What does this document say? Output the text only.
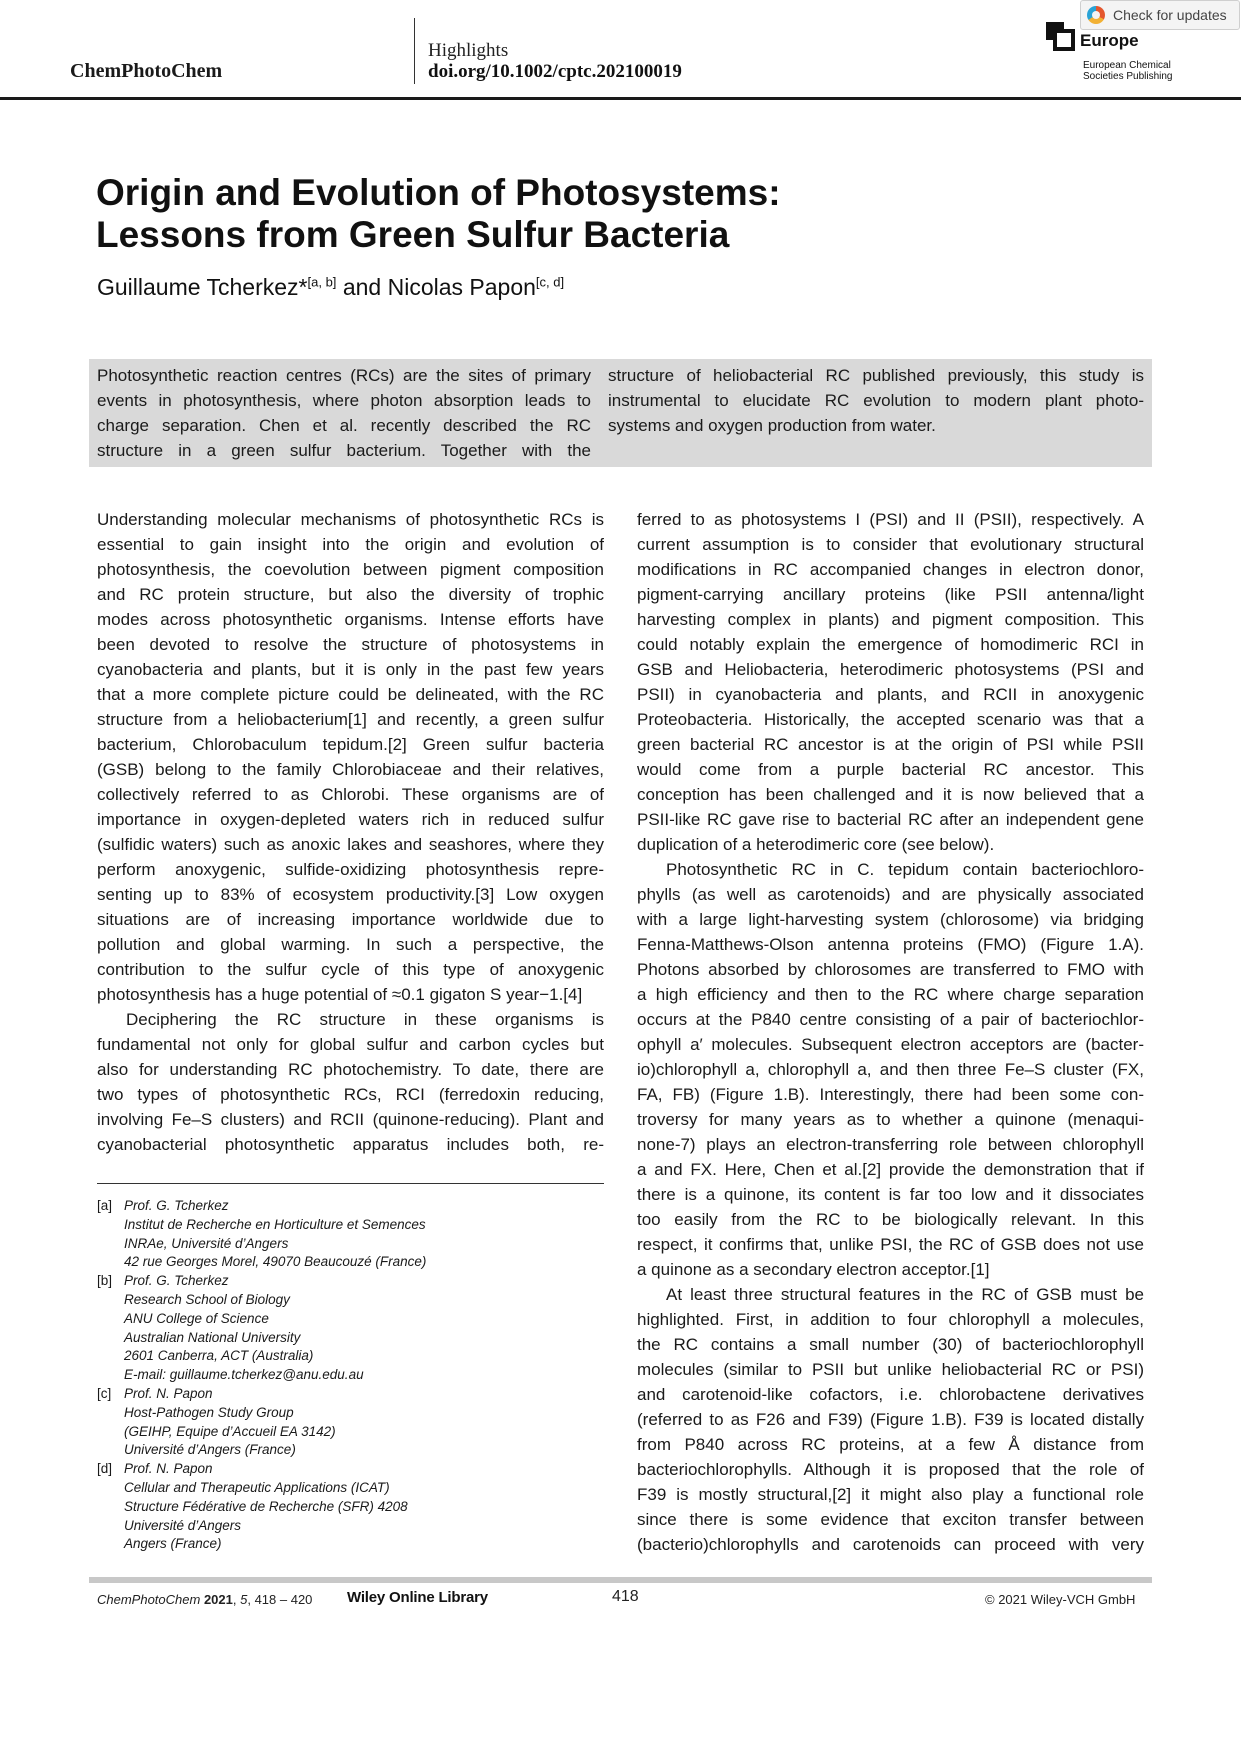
ChemPhotoChem
Highlights
doi.org/10.1002/cptc.202100019
Europe
European Chemical
Societies Publishing
Check for updates
Origin and Evolution of Photosystems:
Lessons from Green Sulfur Bacteria
Guillaume Tcherkez*[a, b] and Nicolas Papon[c, d]
Photosynthetic reaction centres (RCs) are the sites of primary
events in photosynthesis, where photon absorption leads to
charge separation. Chen et al. recently described the RC
structure in a green sulfur bacterium. Together with the
structure of heliobacterial RC published previously, this study is
instrumental to elucidate RC evolution to modern plant photo-
systems and oxygen production from water.
Understanding molecular mechanisms of photosynthetic RCs is
essential to gain insight into the origin and evolution of
photosynthesis, the coevolution between pigment composition
and RC protein structure, but also the diversity of trophic
modes across photosynthetic organisms. Intense efforts have
been devoted to resolve the structure of photosystems in
cyanobacteria and plants, but it is only in the past few years
that a more complete picture could be delineated, with the RC
structure from a heliobacterium[1] and recently, a green sulfur
bacterium, Chlorobaculum tepidum.[2] Green sulfur bacteria
(GSB) belong to the family Chlorobiaceae and their relatives,
collectively referred to as Chlorobi. These organisms are of
importance in oxygen-depleted waters rich in reduced sulfur
(sulfidic waters) such as anoxic lakes and seashores, where they
perform anoxygenic, sulfide-oxidizing photosynthesis repre-
senting up to 83% of ecosystem productivity.[3] Low oxygen
situations are of increasing importance worldwide due to
pollution and global warming. In such a perspective, the
contribution to the sulfur cycle of this type of anoxygenic
photosynthesis has a huge potential of ≈0.1 gigaton S year−1.[4]
Deciphering the RC structure in these organisms is
fundamental not only for global sulfur and carbon cycles but
also for understanding RC photochemistry. To date, there are
two types of photosynthetic RCs, RCI (ferredoxin reducing,
involving Fe–S clusters) and RCII (quinone-reducing). Plant and
cyanobacterial photosynthetic apparatus includes both, re-
ferred to as photosystems I (PSI) and II (PSII), respectively. A
current assumption is to consider that evolutionary structural
modifications in RC accompanied changes in electron donor,
pigment-carrying ancillary proteins (like PSII antenna/light
harvesting complex in plants) and pigment composition. This
could notably explain the emergence of homodimeric RCI in
GSB and Heliobacteria, heterodimeric photosystems (PSI and
PSII) in cyanobacteria and plants, and RCII in anoxygenic
Proteobacteria. Historically, the accepted scenario was that a
green bacterial RC ancestor is at the origin of PSI while PSII
would come from a purple bacterial RC ancestor. This
conception has been challenged and it is now believed that a
PSII-like RC gave rise to bacterial RC after an independent gene
duplication of a heterodimeric core (see below).
Photosynthetic RC in C. tepidum contain bacteriochloro-
phylls (as well as carotenoids) and are physically associated
with a large light-harvesting system (chlorosome) via bridging
Fenna-Matthews-Olson antenna proteins (FMO) (Figure 1.A).
Photons absorbed by chlorosomes are transferred to FMO with
a high efficiency and then to the RC where charge separation
occurs at the P840 centre consisting of a pair of bacteriochlor-
ophyll a′ molecules. Subsequent electron acceptors are (bacter-
io)chlorophyll a, chlorophyll a, and then three Fe–S cluster (FX,
FA, FB) (Figure 1.B). Interestingly, there had been some con-
troversy for many years as to whether a quinone (menaqui-
none-7) plays an electron-transferring role between chlorophyll
a and FX. Here, Chen et al.[2] provide the demonstration that if
there is a quinone, its content is far too low and it dissociates
too easily from the RC to be biologically relevant. In this
respect, it confirms that, unlike PSI, the RC of GSB does not use
a quinone as a secondary electron acceptor.[1]
At least three structural features in the RC of GSB must be
highlighted. First, in addition to four chlorophyll a molecules,
the RC contains a small number (30) of bacteriochlorophyll
molecules (similar to PSII but unlike heliobacterial RC or PSI)
and carotenoid-like cofactors, i.e. chlorobactene derivatives
(referred to as F26 and F39) (Figure 1.B). F39 is located distally
from P840 across RC proteins, at a few Å distance from
bacteriochlorophylls. Although it is proposed that the role of
F39 is mostly structural,[2] it might also play a functional role
since there is some evidence that exciton transfer between
(bacterio)chlorophylls and carotenoids can proceed with very
[a] Prof. G. Tcherkez
Institut de Recherche en Horticulture et Semences
INRAe, Université d’Angers
42 rue Georges Morel, 49070 Beaucouzé (France)
[b] Prof. G. Tcherkez
Research School of Biology
ANU College of Science
Australian National University
2601 Canberra, ACT (Australia)
E-mail: guillaume.tcherkez@anu.edu.au
[c] Prof. N. Papon
Host-Pathogen Study Group
(GEIHP, Equipe d’Accueil EA 3142)
Université d’Angers (France)
[d] Prof. N. Papon
Cellular and Therapeutic Applications (ICAT)
Structure Fédérative de Recherche (SFR) 4208
Université d’Angers
Angers (France)
ChemPhotoChem 2021, 5, 418 – 420 Wiley Online Library	418	© 2021 Wiley-VCH GmbH
